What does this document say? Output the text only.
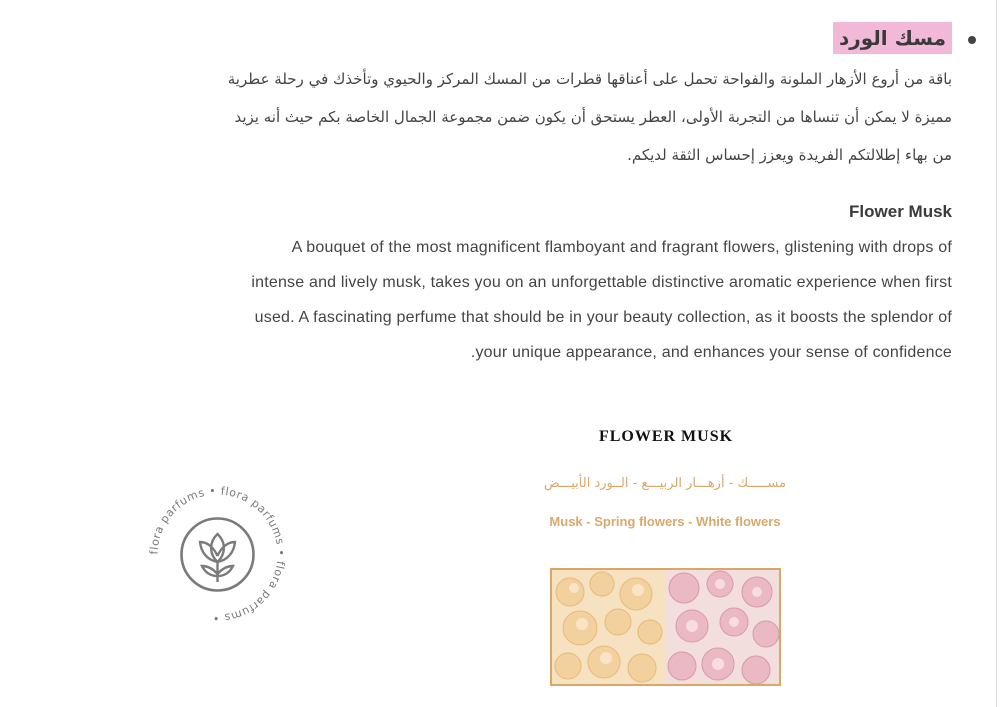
مسك الورد
باقة من أروع الأزهار الملونة والفواحة تحمل على أعناقها قطرات من المسك المركز والحيوي وتأخذك في رحلة عطرية
مميزة لا يمكن أن تنساها من التجربة الأولى، العطر يستحق أن يكون ضمن مجموعة الجمال الخاصة بكم حيث أنه يزيد
من بهاء إطلالتكم الفريدة ويعزز إحساس الثقة لديكم.
Flower Musk
A bouquet of the most magnificent flamboyant and fragrant flowers, glistening with drops of
intense and lively musk, takes you on an unforgettable distinctive aromatic experience when first
used. A fascinating perfume that should be in your beauty collection, as it boosts the splendor of
.your unique appearance, and enhances your sense of confidence
flora parfums • flora parfums • flora parfums •
FLOWER MUSK
مســـــك - أزهـــار الربيـــع - الــورد الأبيـــض
Musk - Spring flowers - White flowers
